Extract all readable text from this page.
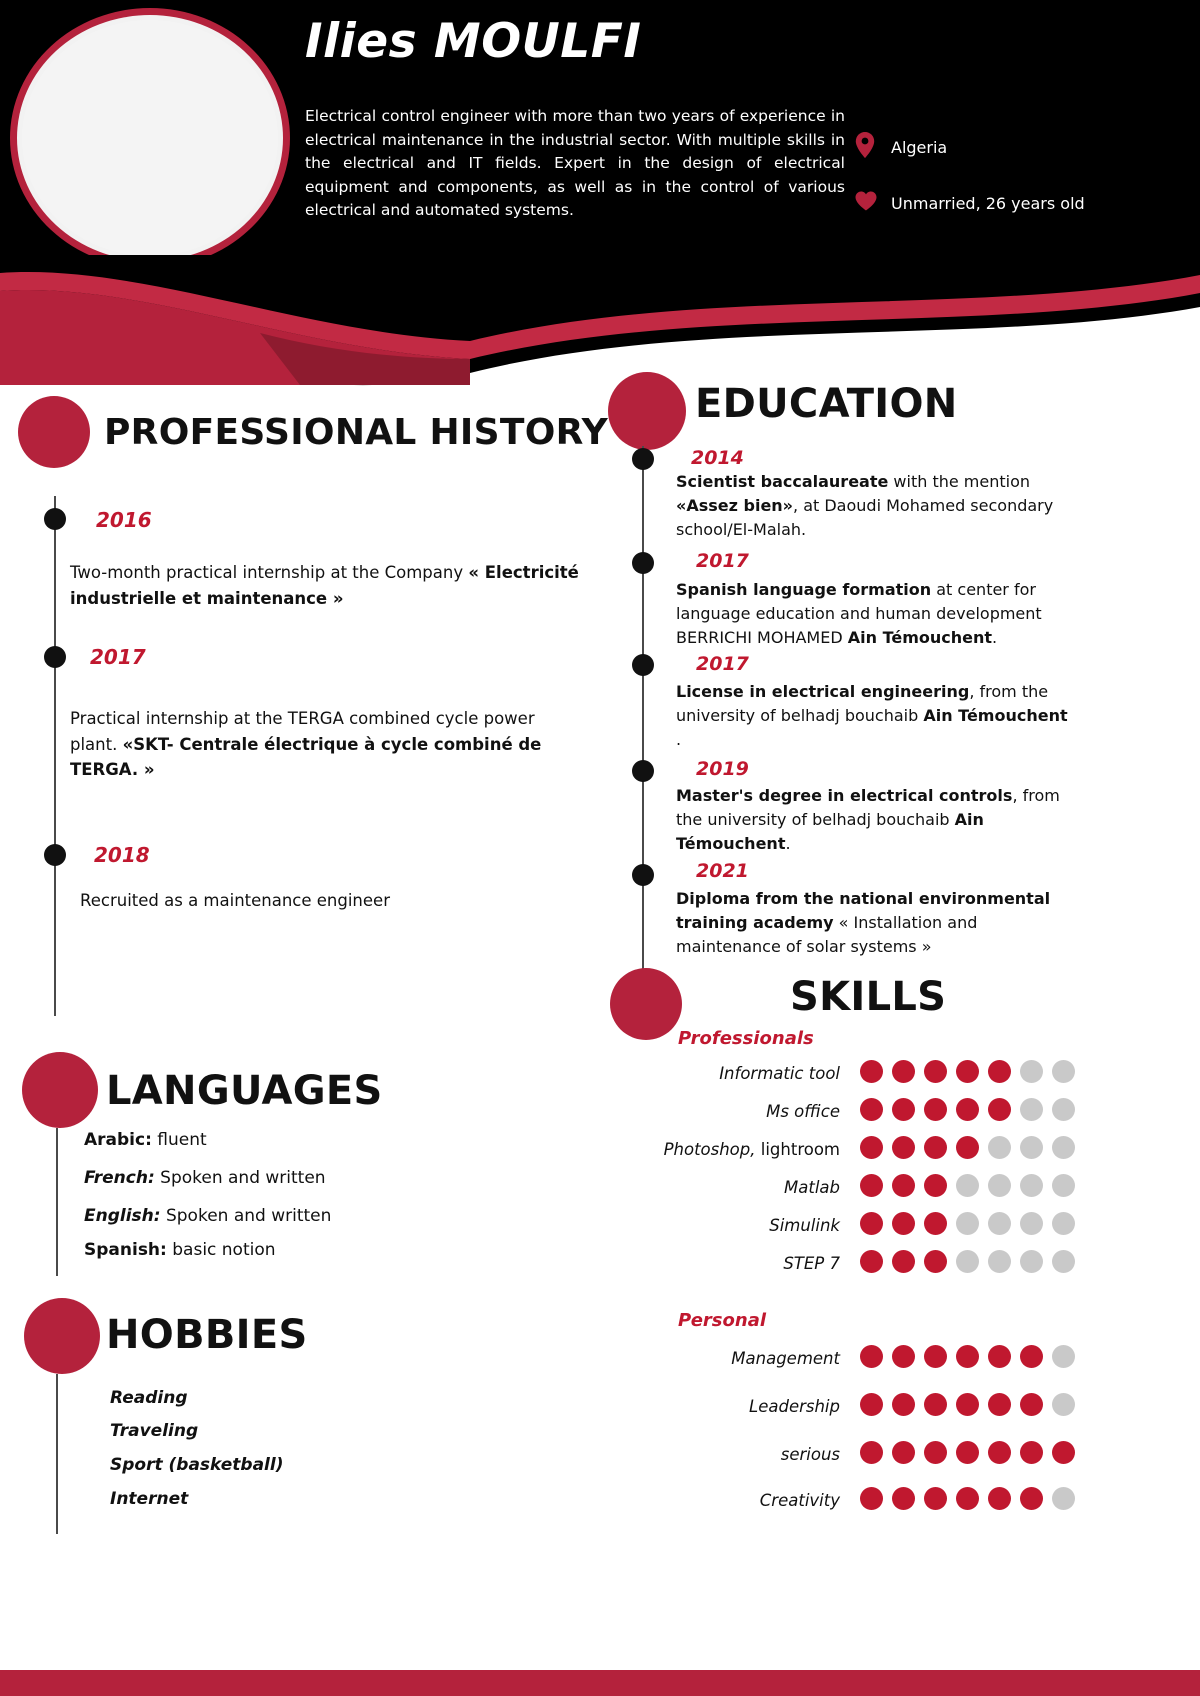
Ilies MOULFI
Electrical control engineer with more than two years of experience in electrical maintenance in the industrial sector. With multiple skills in the electrical and IT fields. Expert in the design of electrical equipment and components, as well as in the control of various electrical and automated systems.
Algeria
Unmarried, 26 years old
PROFESSIONAL HISTORY
2016
Two-month practical internship at the Company « Electricité industrielle et maintenance »
2017
Practical internship at the TERGA combined cycle power plant. «SKT- Centrale électrique à cycle combiné de TERGA. »
2018
Recruited as a maintenance engineer
EDUCATION
2014
Scientist baccalaureate with the mention «Assez bien», at Daoudi Mohamed secondary school/El-Malah.
2017
Spanish language formation at center for language education and human development BERRICHI MOHAMED Ain Témouchent.
2017
License in electrical engineering, from the university of belhadj bouchaib Ain Témouchent .
2019
Master's degree in electrical controls, from the university of belhadj bouchaib Ain Témouchent.
2021
Diploma from the national environmental training academy « Installation and maintenance of solar systems »
SKILLS
Professionals
Informatic tool
Ms office
Photoshop, lightroom
Matlab
Simulink
STEP 7
Personal
Management
Leadership
serious
Creativity
LANGUAGES
Arabic: fluent
French: Spoken and written
English: Spoken and written
Spanish: basic notion
HOBBIES
Reading
Traveling
Sport (basketball)
Internet
